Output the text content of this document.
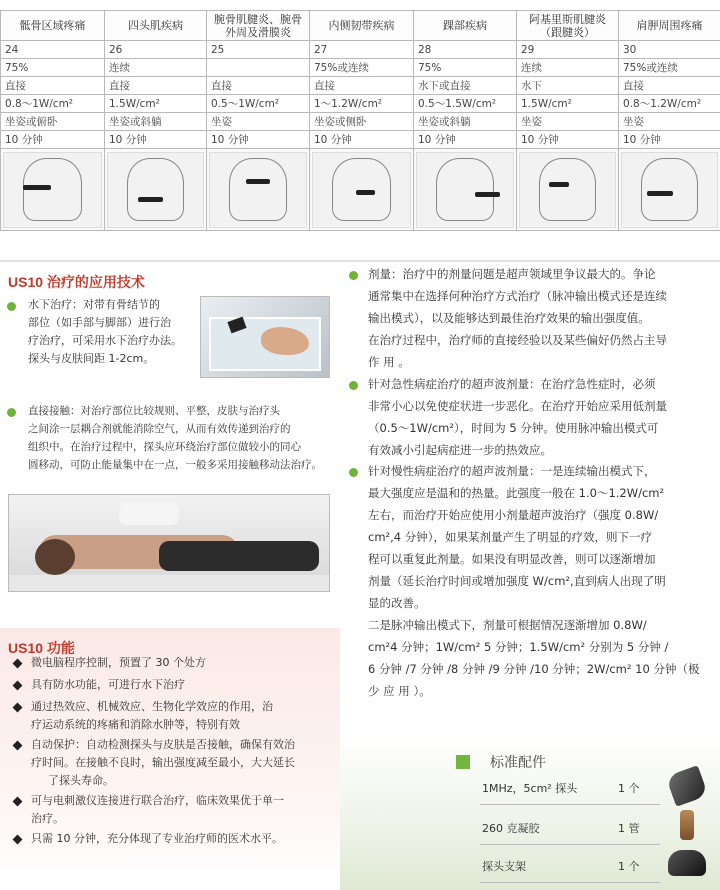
骶骨区域疼痛	四头肌疾病	腕骨肌腱炎、腕骨外周及滑膜炎	内侧韧带疾病	踝部疾病	阿基里斯肌腱炎（跟腱炎）	肩胛周围疼痛
24	26	25	27	28	29	30
75%	连续		75%或连续	75%	连续	75%或连续
直接	直接	直接	直接	水下或直接	水下	直接
0.8～1W/cm²	1.5W/cm²	0.5～1W/cm²	1～1.2W/cm²	0.5～1.5W/cm²	1.5W/cm²	0.8～1.2W/cm²
坐姿或俯卧	坐姿或斜躺	坐姿	坐姿或侧卧	坐姿或斜躺	坐姿	坐姿
10 分钟	10 分钟	10 分钟	10 分钟	10 分钟	10 分钟	10 分钟

US10 治疗的应用技术
水下治疗：对带有骨结节的
部位（如手部与脚部）进行治
疗治疗，可采用水下治疗办法。
探头与皮肤间距 1-2cm。
直接接触：对治疗部位比较规则、平整，皮肤与治疗头
之间涂一层耦合剂就能消除空气，从而有效传递到治疗的
组织中。在治疗过程中，探头应环绕治疗部位做较小的同心
圆移动，可防止能量集中在一点，一般多采用接触移动法治疗。
US10 功能
微电脑程序控制，预置了 30 个处方
具有防水功能，可进行水下治疗
通过热效应、机械效应、生物化学效应的作用，治
疗运动系统的疼痛和消除水肿等，特别有效
自动保护：自动检测探头与皮肤是否接触，确保有效治
疗时间。在接触不良时，输出强度减至最小，大大延长
了探头寿命。
可与电刺激仪连接进行联合治疗，临床效果优于单一
治疗。
只需 10 分钟，充分体现了专业治疗师的医术水平。
剂量：治疗中的剂量问题是超声领域里争议最大的。争论
通常集中在选择何种治疗方式治疗（脉冲输出模式还是连续
输出模式），以及能够达到最佳治疗效果的输出强度值。
在治疗过程中，治疗师的直接经验以及某些偏好仍然占主导
作 用 。
针对急性病症治疗的超声波剂量：在治疗急性症时，必须
非常小心以免使症状进一步恶化。在治疗开始应采用低剂量
（0.5～1W/cm²），时间为 5 分钟。使用脉冲输出模式可
有效减小引起病症进一步的热效应。
针对慢性病症治疗的超声波剂量：一是连续输出模式下，
最大强度应是温和的热量。此强度一般在 1.0～1.2W/cm²
左右，而治疗开始应使用小剂量超声波治疗（强度 0.8W/
cm²,4 分钟），如果某剂量产生了明显的疗效，则下一疗
程可以重复此剂量。如果没有明显改善，则可以逐渐增加
剂量（延长治疗时间或增加强度 W/cm²,直到病人出现了明
显的改善。
二是脉冲输出模式下，剂量可根据情况逐渐增加 0.8W/
cm²4 分钟；1W/cm² 5 分钟；1.5W/cm² 分别为 5 分钟 /
6 分钟 /7 分钟 /8 分钟 /9 分钟 /10 分钟；2W/cm² 10 分钟（极
少 应 用 ）。
标准配件
1MHz，5cm² 探头	1 个
260 克凝胶	1 管
探头支架	1 个
